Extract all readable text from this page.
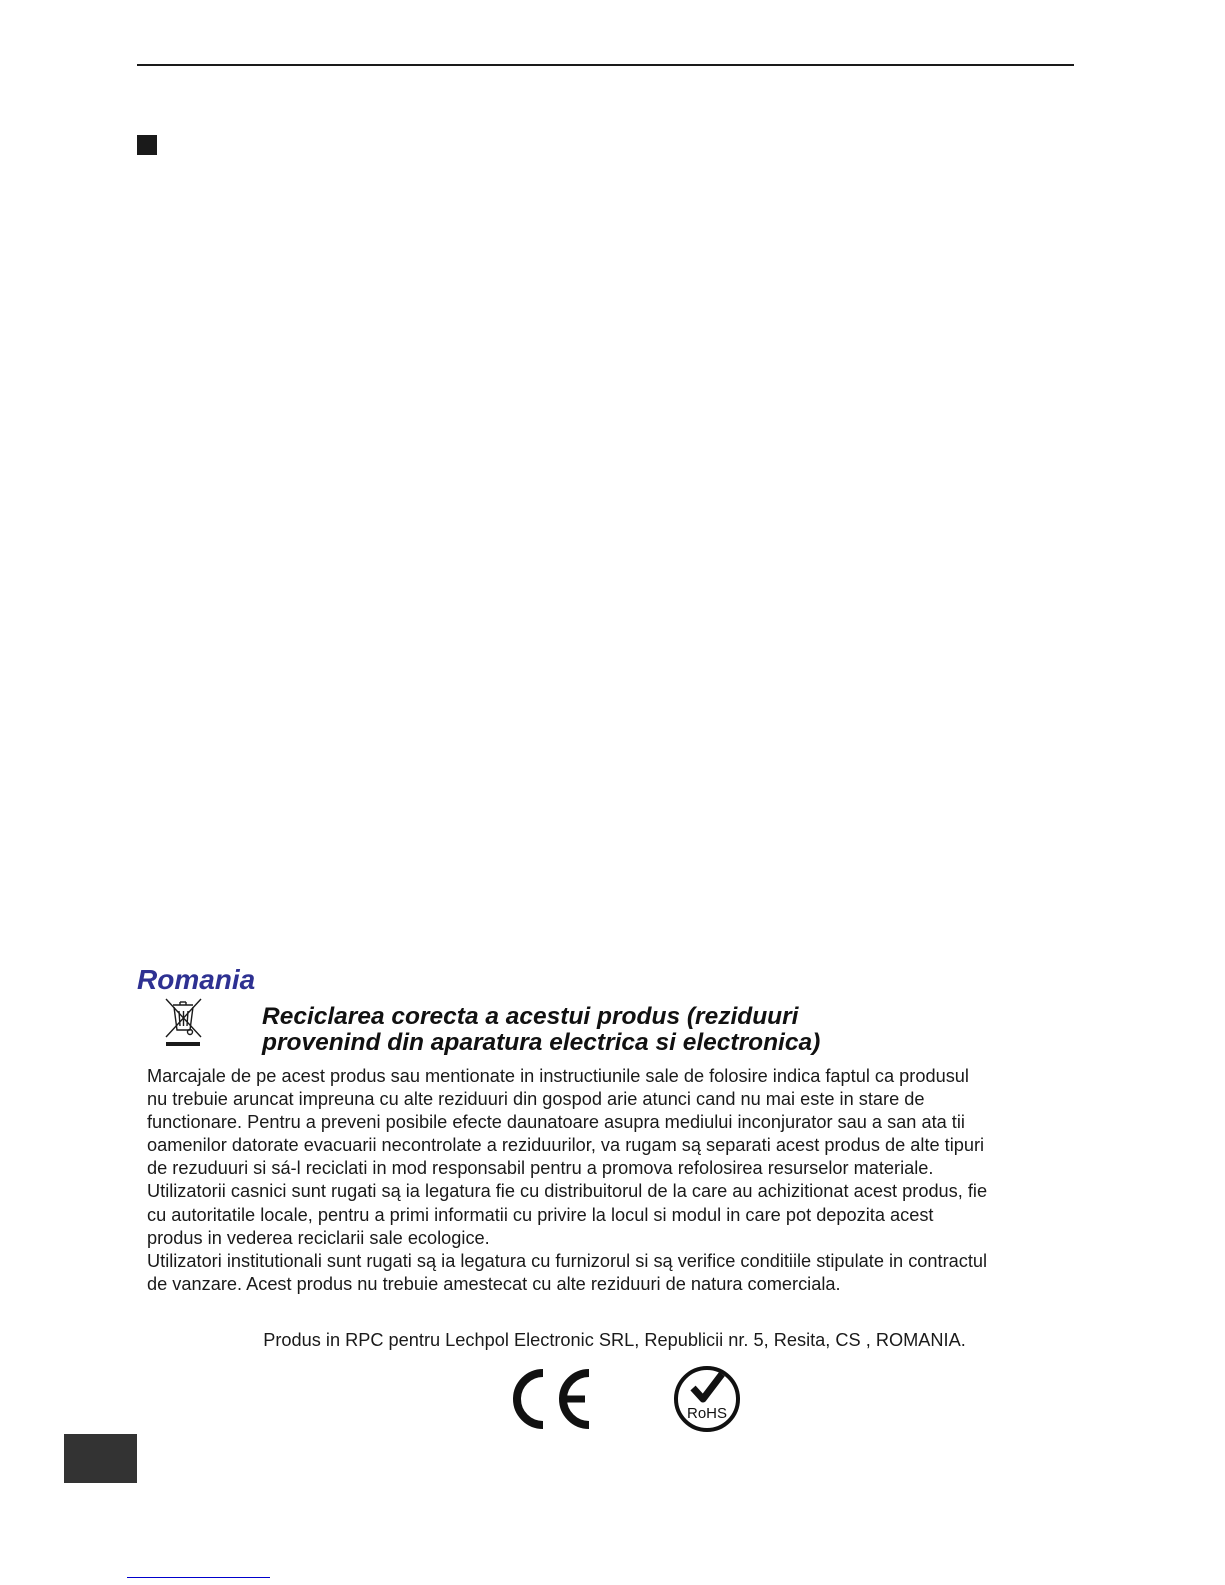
Romania
Reciclarea corecta a acestui produs (reziduuri
provenind din aparatura electrica si electronica)

Marcajale de pe acest produs sau mentionate in instructiunile sale de folosire indica faptul ca produsul
nu trebuie aruncat impreuna cu alte reziduuri din gospod arie atunci cand nu mai este in stare de
functionare. Pentru a preveni posibile efecte daunatoare asupra mediului inconjurator sau a san ata tii
oamenilor datorate evacuarii necontrolate a reziduurilor, va rugam są separati acest produs de alte tipuri
de rezuduuri si sá-l reciclati in mod responsabil pentru a promova refolosirea resurselor materiale.
Utilizatorii casnici sunt rugati są ia legatura fie cu distribuitorul de la care au achizitionat acest produs, fie
cu autoritatile locale, pentru a primi informatii cu privire la locul si modul in care pot depozita acest
produs in vederea reciclarii sale ecologice.
Utilizatori institutionali sunt rugati są ia legatura cu furnizorul si są verifice conditiile stipulate in contractul
de vanzare. Acest produs nu trebuie amestecat cu alte reziduuri de natura comerciala.

Produs in RPC pentru Lechpol Electronic SRL, Republicii nr. 5, Resita, CS , ROMANIA.

CE
RoHS
